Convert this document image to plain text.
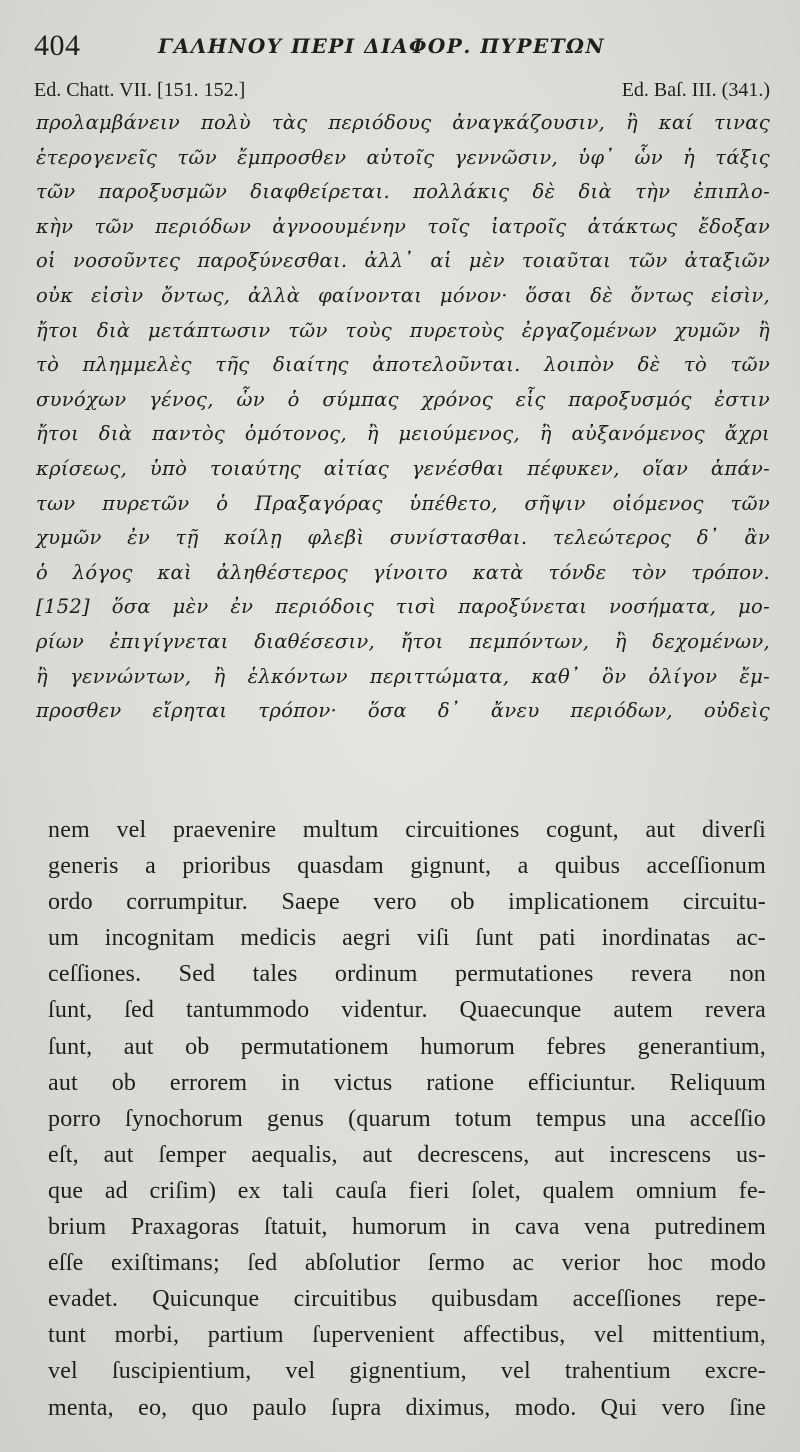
404	ΓΑΛΗΝΟΥ ΠΕΡΙ ΔΙΑΦΟΡ. ΠΥΡΕΤΩΝ
Ed. Chatt. VII. [151. 152.]	Ed. Baſ. III. (341.)
προλαμβάνειν πολὺ τὰς περιόδους ἀναγκάζουσιν, ἢ καί τινας
ἑτερογενεῖς τῶν ἔμπροσθεν αὐτοῖς γεννῶσιν, ὑφ᾽ ὧν ἡ τάξις
τῶν παροξυσμῶν διαφθείρεται. πολλάκις δὲ διὰ τὴν ἐπιπλο-
κὴν τῶν περιόδων ἀγνοουμένην τοῖς ἰατροῖς ἀτάκτως ἔδοξαν
οἱ νοσοῦντες παροξύνεσθαι. ἀλλ᾽ αἱ μὲν τοιαῦται τῶν ἀταξιῶν
οὐκ εἰσὶν ὄντως, ἀλλὰ φαίνονται μόνον· ὅσαι δὲ ὄντως εἰσὶν,
ἤτοι διὰ μετάπτωσιν τῶν τοὺς πυρετοὺς ἐργαζομένων χυμῶν ἢ
τὸ πλημμελὲς τῆς διαίτης ἀποτελοῦνται. λοιπὸν δὲ τὸ τῶν
συνόχων γένος, ὧν ὁ σύμπας χρόνος εἷς παροξυσμός ἐστιν
ἤτοι διὰ παντὸς ὁμότονος, ἢ μειούμενος, ἢ αὐξανόμενος ἄχρι
κρίσεως, ὑπὸ τοιαύτης αἰτίας γενέσθαι πέφυκεν, οἵαν ἁπάν-
των πυρετῶν ὁ Πραξαγόρας ὑπέθετο, σῆψιν οἰόμενος τῶν
χυμῶν ἐν τῇ κοίλῃ φλεβὶ συνίστασθαι. τελεώτερος δ᾽ ἂν
ὁ λόγος καὶ ἀληθέστερος γίνοιτο κατὰ τόνδε τὸν τρόπον.
[152] ὅσα μὲν ἐν περιόδοις τισὶ παροξύνεται νοσήματα, μο-
ρίων ἐπιγίγνεται διαθέσεσιν, ἤτοι πεμπόντων, ἢ δεχομένων,
ἢ γεννώντων, ἢ ἑλκόντων περιττώματα, καθ᾽ ὃν ὀλίγον ἔμ-
προσθεν εἴρηται τρόπον· ὅσα δ᾽ ἄνευ περιόδων, οὐδεὶς
nem vel praevenire multum circuitiones cogunt, aut diverſi
generis a prioribus quasdam gignunt, a quibus acceſſionum
ordo corrumpitur. Saepe vero ob implicationem circuitu-
um incognitam medicis aegri viſi ſunt pati inordinatas ac-
ceſſiones. Sed tales ordinum permutationes revera non
ſunt, ſed tantummodo videntur. Quaecunque autem revera
ſunt, aut ob permutationem humorum febres generantium,
aut ob errorem in victus ratione efficiuntur. Reliquum
porro ſynochorum genus (quarum totum tempus una acceſſio
eſt, aut ſemper aequalis, aut decrescens, aut increscens us-
que ad criſim) ex tali cauſa fieri ſolet, qualem omnium fe-
brium Praxagoras ſtatuit, humorum in cava vena putredinem
eſſe exiſtimans; ſed abſolutior ſermo ac verior hoc modo
evadet. Quicunque circuitibus quibusdam acceſſiones repe-
tunt morbi, partium ſupervenient affectibus, vel mittentium,
vel ſuscipientium, vel gignentium, vel trahentium excre-
menta, eo, quo paulo ſupra diximus, modo. Qui vero ſine
